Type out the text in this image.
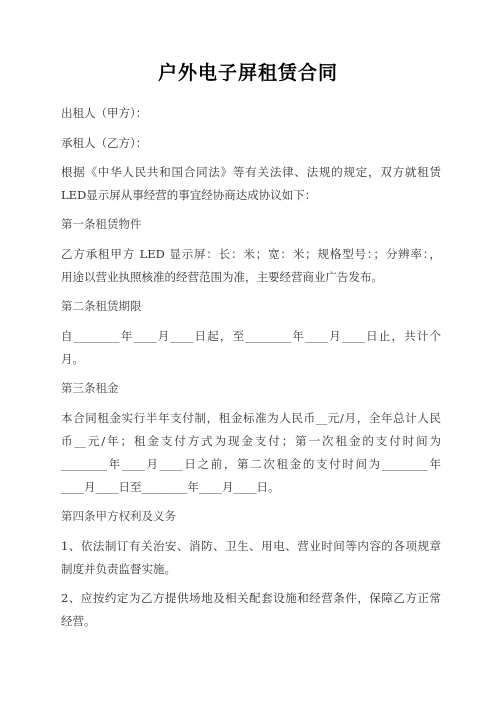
户外电子屏租赁合同
出租人（甲方）：
承租人（乙方）：
根据《中华人民共和国合同法》等有关法律、法规的规定，双方就租赁
LED显示屏从事经营的事宜经协商达成协议如下：
第一条租赁物件
乙方承租甲方 LED 显示屏：长：米；宽：米；规格型号：；分辨率：，
用途以营业执照核准的经营范围为准，主要经营商业广告发布。
第二条租赁期限
自________年____月____日起，至________年____月____日止，共计个
月。
第三条租金
本合同租金实行半年支付制，租金标准为人民币__元/月，全年总计人民
币__元/年；租金支付方式为现金支付；第一次租金的支付时间为
________年____月____日之前，第二次租金的支付时间为________年
____月____日至________年____月____日。
第四条甲方权利及义务
1、依法制订有关治安、消防、卫生、用电、营业时间等内容的各项规章
制度并负责监督实施。
2、应按约定为乙方提供场地及相关配套设施和经营条件，保障乙方正常
经营。
